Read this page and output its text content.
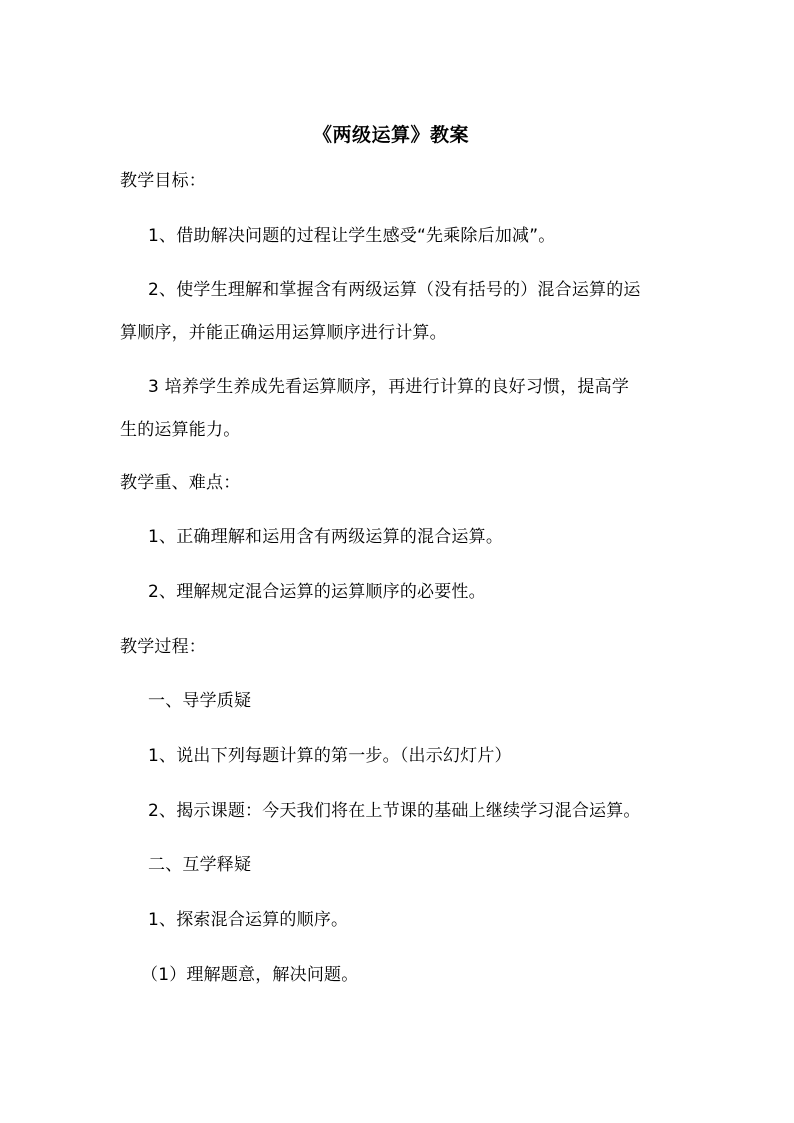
《两级运算》教案
教学目标：
1、借助解决问题的过程让学生感受“先乘除后加减”。
2、使学生理解和掌握含有两级运算（没有括号的）混合运算的运
算顺序，并能正确运用运算顺序进行计算。
3 培养学生养成先看运算顺序，再进行计算的良好习惯，提高学
生的运算能力。
教学重、难点：
1、正确理解和运用含有两级运算的混合运算。
2、理解规定混合运算的运算顺序的必要性。
教学过程：
一、导学质疑
1、说出下列每题计算的第一步。（出示幻灯片）
2、揭示课题：今天我们将在上节课的基础上继续学习混合运算。
二、互学释疑
1、探索混合运算的顺序。
（1）理解题意，解决问题。
